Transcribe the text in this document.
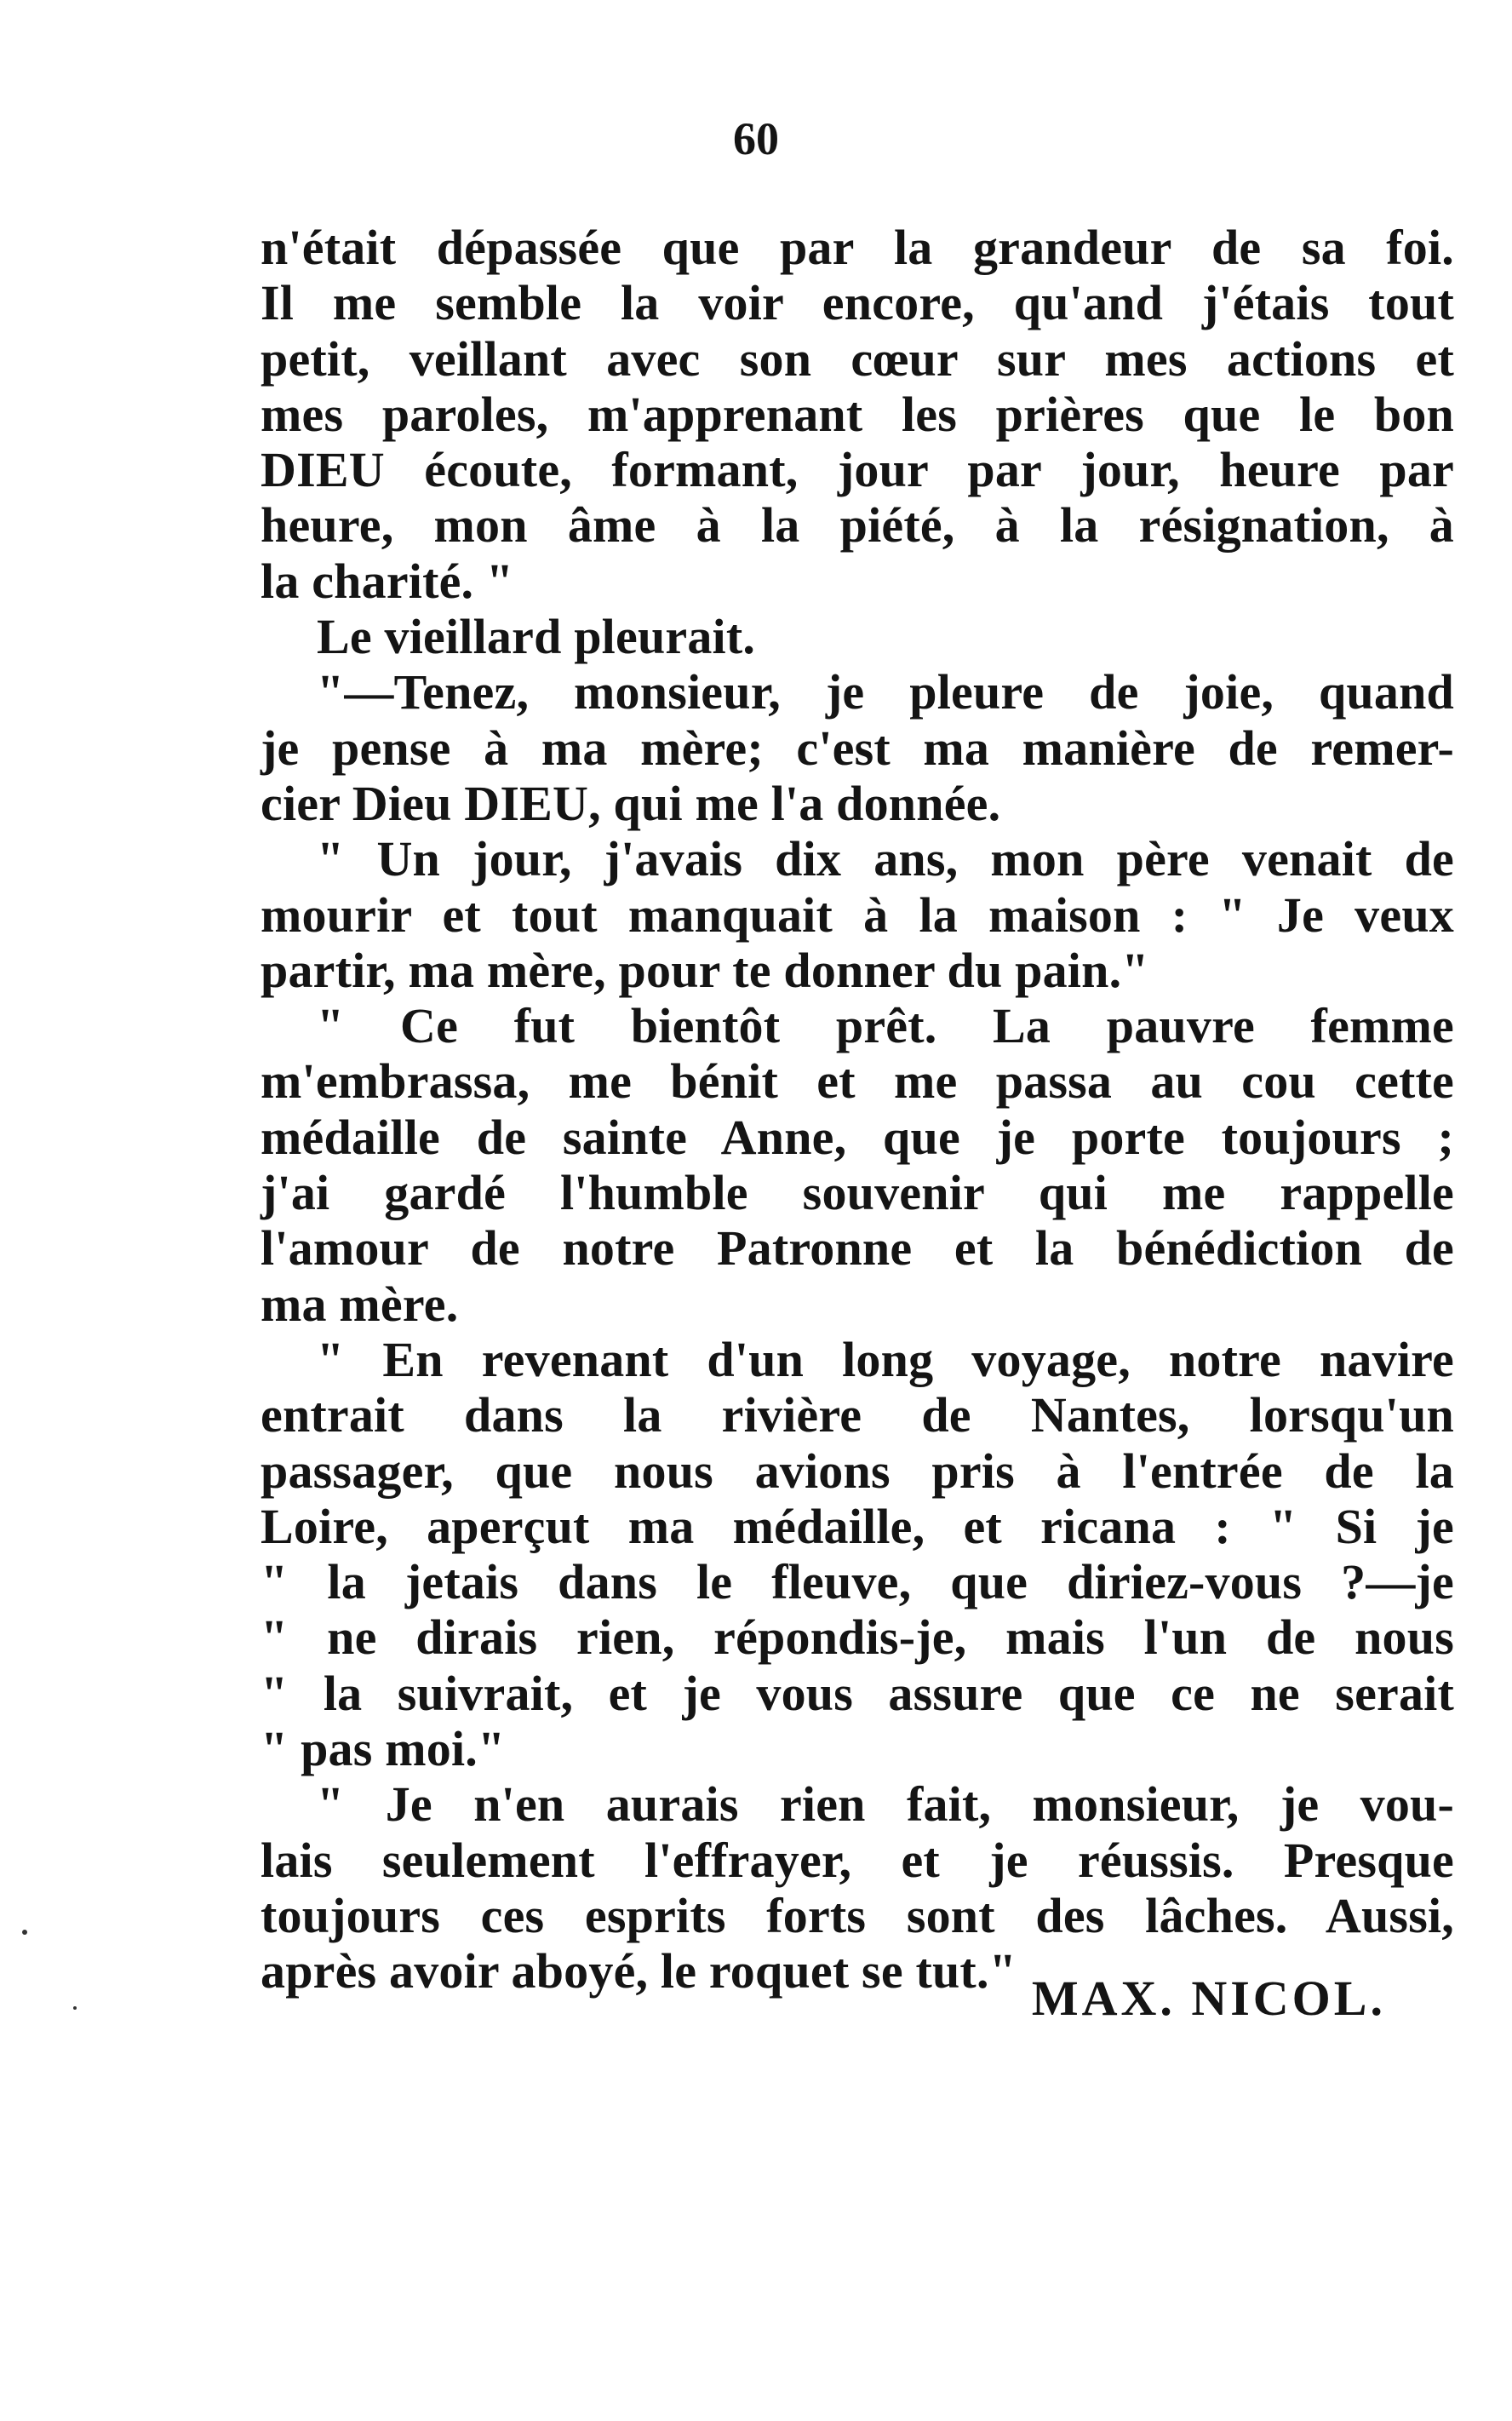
60
n'était dépassée que par la grandeur de sa foi.
Il me semble la voir encore, qu'and j'étais tout
petit, veillant avec son cœur sur mes actions et
mes paroles, m'apprenant les prières que le bon
DIEU écoute, formant, jour par jour, heure par
heure, mon âme à la piété, à la résignation, à
la charité. "
Le vieillard pleurait.
"—Tenez, monsieur, je pleure de joie, quand
je pense à ma mère; c'est ma manière de remer-
cier Dieu DIEU, qui me l'a donnée.
" Un jour, j'avais dix ans, mon père venait de
mourir et tout manquait à la maison : " Je veux
partir, ma mère, pour te donner du pain."
" Ce fut bientôt prêt. La pauvre femme
m'embrassa, me bénit et me passa au cou cette
médaille de sainte Anne, que je porte toujours ;
j'ai gardé l'humble souvenir qui me rappelle
l'amour de notre Patronne et la bénédiction de
ma mère.
" En revenant d'un long voyage, notre navire
entrait dans la rivière de Nantes, lorsqu'un
passager, que nous avions pris à l'entrée de la
Loire, aperçut ma médaille, et ricana : " Si je
" la jetais dans le fleuve, que diriez-vous ?—je
" ne dirais rien, répondis-je, mais l'un de nous
" la suivrait, et je vous assure que ce ne serait
" pas moi."
" Je n'en aurais rien fait, monsieur, je vou-
lais seulement l'effrayer, et je réussis. Presque
toujours ces esprits forts sont des lâches. Aussi,
après avoir aboyé, le roquet se tut." MAX. NICOL.
